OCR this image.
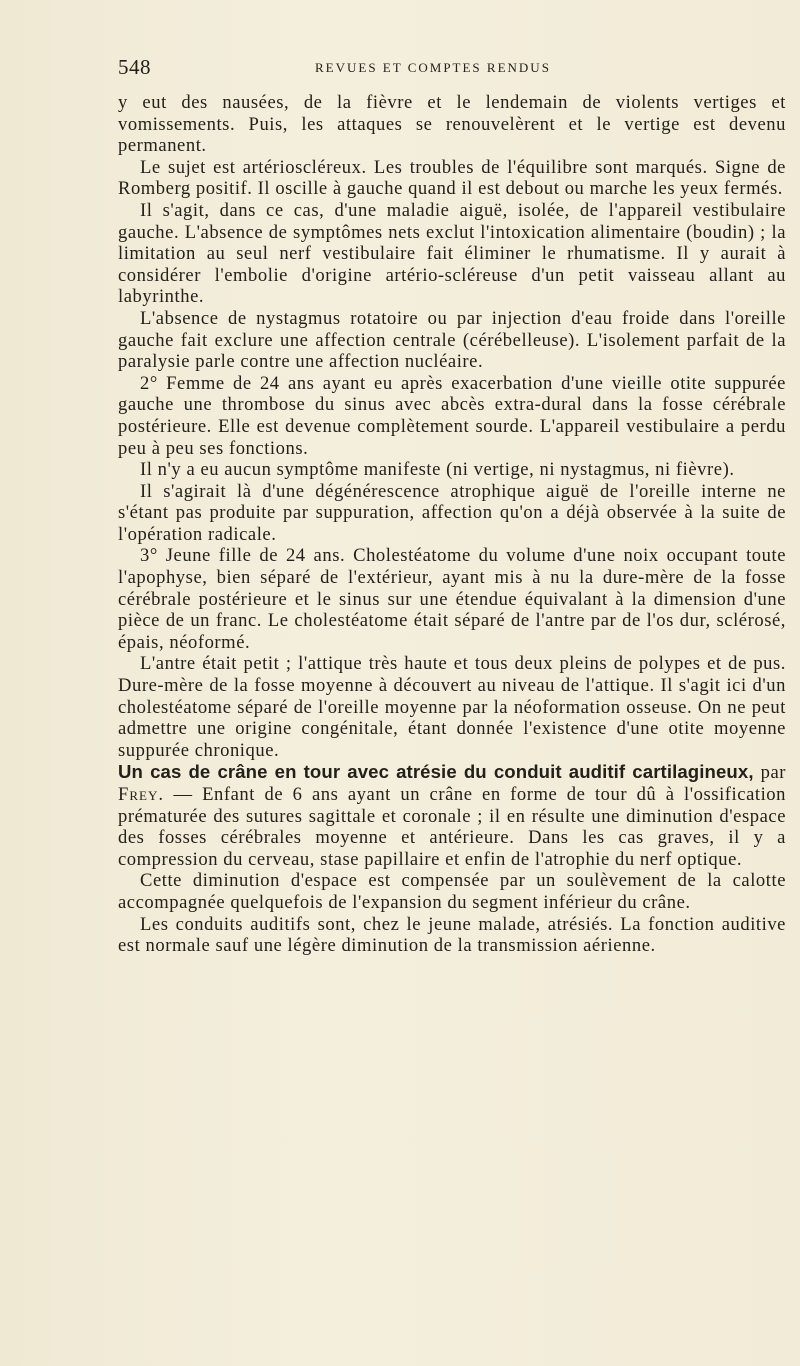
548	REVUES ET COMPTES RENDUS

y eut des nausées, de la fièvre et le lendemain de violents vertiges et vomissements. Puis, les attaques se renouvelèrent et le vertige est devenu permanent.

Le sujet est artérioscléreux. Les troubles de l'équilibre sont marqués. Signe de Romberg positif. Il oscille à gauche quand il est debout ou marche les yeux fermés.

Il s'agit, dans ce cas, d'une maladie aiguë, isolée, de l'appareil vestibulaire gauche. L'absence de symptômes nets exclut l'intoxication alimentaire (boudin) ; la limitation au seul nerf vestibulaire fait éliminer le rhumatisme. Il y aurait à considérer l'embolie d'origine artério-scléreuse d'un petit vaisseau allant au labyrinthe.

L'absence de nystagmus rotatoire ou par injection d'eau froide dans l'oreille gauche fait exclure une affection centrale (cérébelleuse). L'isolement parfait de la paralysie parle contre une affection nucléaire.

2° Femme de 24 ans ayant eu après exacerbation d'une vieille otite suppurée gauche une thrombose du sinus avec abcès extra-dural dans la fosse cérébrale postérieure. Elle est devenue complètement sourde. L'appareil vestibulaire a perdu peu à peu ses fonctions.

Il n'y a eu aucun symptôme manifeste (ni vertige, ni nystagmus, ni fièvre).

Il s'agirait là d'une dégénérescence atrophique aiguë de l'oreille interne ne s'étant pas produite par suppuration, affection qu'on a déjà observée à la suite de l'opération radicale.

3° Jeune fille de 24 ans. Cholestéatome du volume d'une noix occupant toute l'apophyse, bien séparé de l'extérieur, ayant mis à nu la dure-mère de la fosse cérébrale postérieure et le sinus sur une étendue équivalant à la dimension d'une pièce de un franc. Le cholestéatome était séparé de l'antre par de l'os dur, sclérosé, épais, néoformé.

L'antre était petit ; l'attique très haute et tous deux pleins de polypes et de pus. Dure-mère de la fosse moyenne à découvert au niveau de l'attique. Il s'agit ici d'un cholestéatome séparé de l'oreille moyenne par la néoformation osseuse. On ne peut admettre une origine congénitale, étant donnée l'existence d'une otite moyenne suppurée chronique.

Un cas de crâne en tour avec atrésie du conduit auditif cartilagineux, par Frey. — Enfant de 6 ans ayant un crâne en forme de tour dû à l'ossification prématurée des sutures sagittale et coronale ; il en résulte une diminution d'espace des fosses cérébrales moyenne et antérieure. Dans les cas graves, il y a compression du cerveau, stase papillaire et enfin de l'atrophie du nerf optique.

Cette diminution d'espace est compensée par un soulèvement de la calotte accompagnée quelquefois de l'expansion du segment inférieur du crâne.

Les conduits auditifs sont, chez le jeune malade, atrésiés. La fonction auditive est normale sauf une légère diminution de la transmission aérienne.
